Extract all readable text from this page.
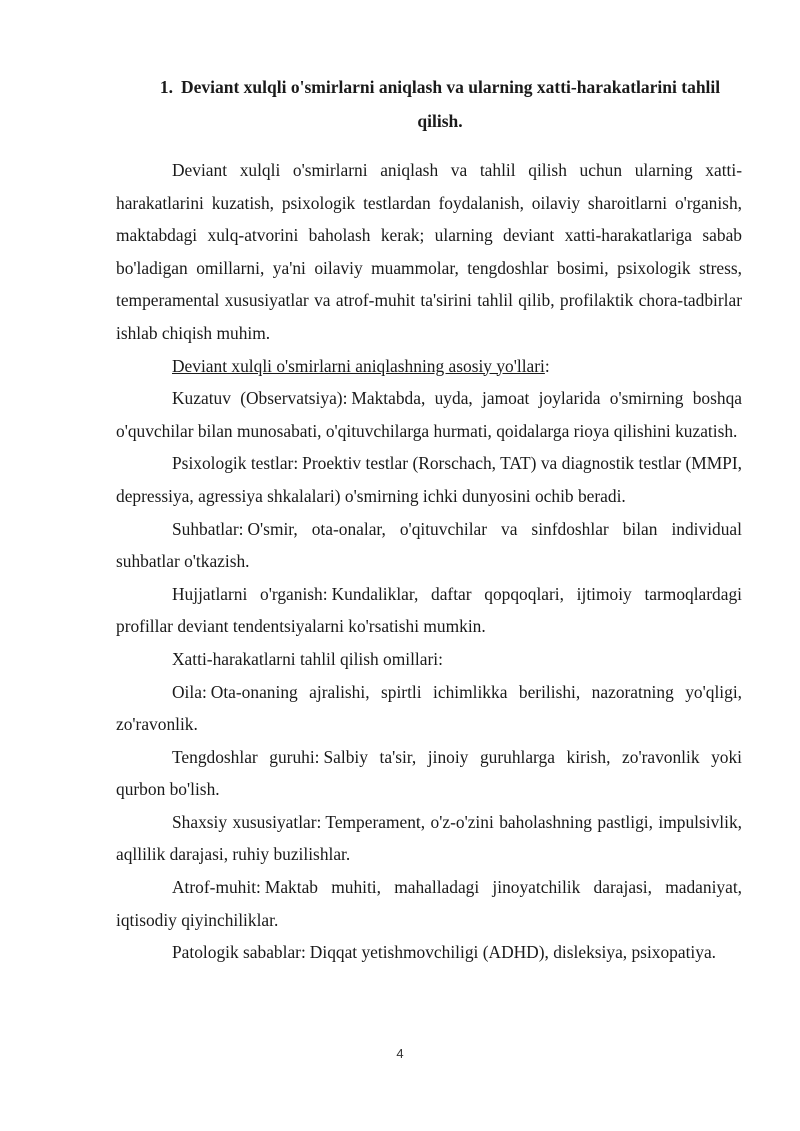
1. Deviant xulqli o'smirlarni aniqlash va ularning xatti-harakatlarini tahlil qilish.

Deviant xulqli o'smirlarni aniqlash va tahlil qilish uchun ularning xatti-harakatlarini kuzatish, psixologik testlardan foydalanish, oilaviy sharoitlarni o'rganish, maktabdagi xulq-atvorini baholash kerak; ularning deviant xatti-harakatlariga sabab bo'ladigan omillarni, ya'ni oilaviy muammolar, tengdoshlar bosimi, psixologik stress, temperamental xususiyatlar va atrof-muhit ta'sirini tahlil qilib, profilaktik chora-tadbirlar ishlab chiqish muhim.

Deviant xulqli o'smirlarni aniqlashning asosiy yo'llari:

Kuzatuv (Observatsiya): Maktabda, uyda, jamoat joylarida o'smirning boshqa o'quvchilar bilan munosabati, o'qituvchilarga hurmati, qoidalarga rioya qilishini kuzatish.

Psixologik testlar: Proektiv testlar (Rorschach, TAT) va diagnostik testlar (MMPI, depressiya, agressiya shkalalari) o'smirning ichki dunyosini ochib beradi.

Suhbatlar: O'smir, ota-onalar, o'qituvchilar va sinfdoshlar bilan individual suhbatlar o'tkazish.

Hujjatlarni o'rganish: Kundaliklar, daftar qopqoqlari, ijtimoiy tarmoqlardagi profillar deviant tendentsiyalarni ko'rsatishi mumkin.

Xatti-harakatlarni tahlil qilish omillari:

Oila: Ota-onaning ajralishi, spirtli ichimlikka berilishi, nazoratning yo'qligi, zo'ravonlik.

Tengdoshlar guruhi: Salbiy ta'sir, jinoiy guruhlarga kirish, zo'ravonlik yoki qurbon bo'lish.

Shaxsiy xususiyatlar: Temperament, o'z-o'zini baholashning pastligi, impulsivlik, aqllilik darajasi, ruhiy buzilishlar.

Atrof-muhit: Maktab muhiti, mahalladagi jinoyatchilik darajasi, madaniyat, iqtisodiy qiyinchiliklar.

Patologik sabablar: Diqqat yetishmovchiligi (ADHD), disleksiya, psixopatiya.

4
